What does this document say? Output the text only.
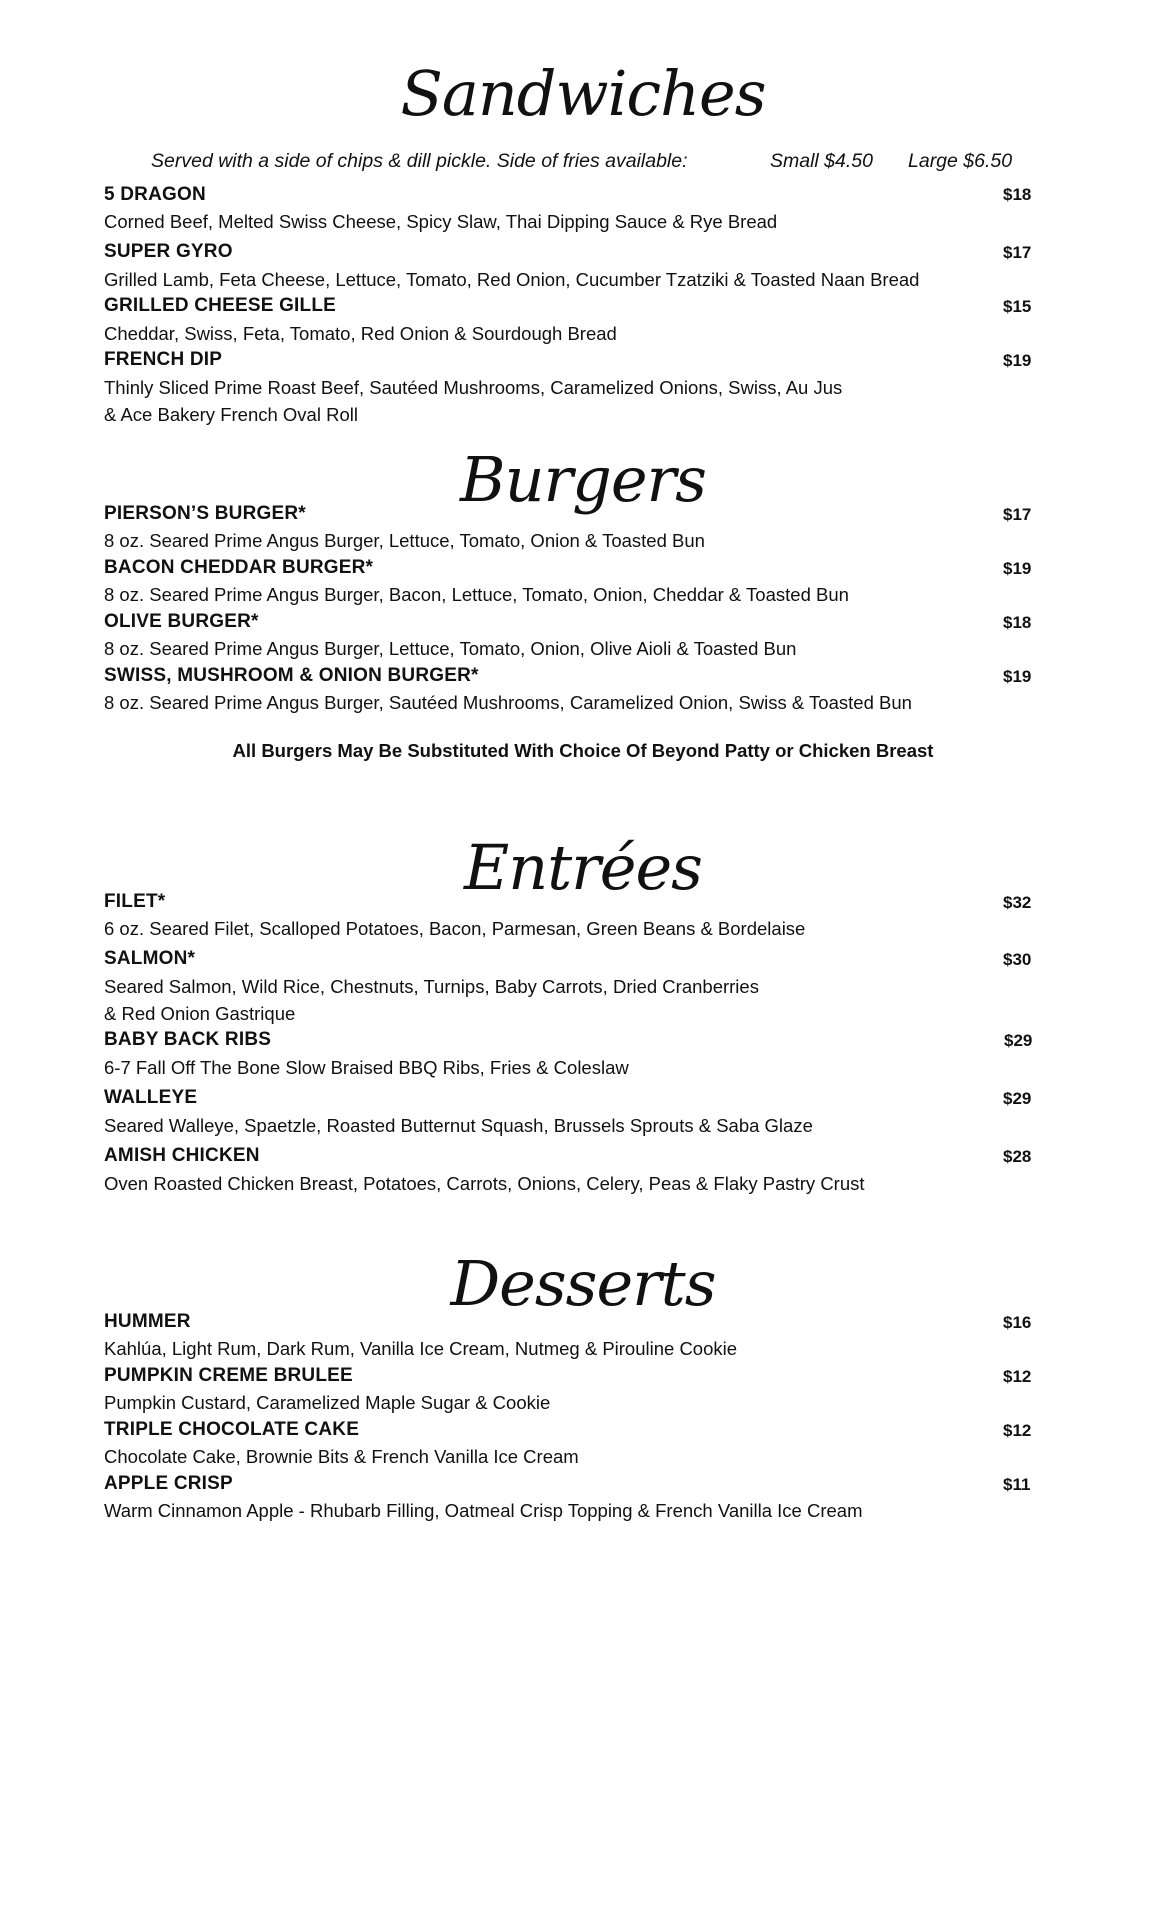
Sandwiches
Served with a side of chips & dill pickle. Side of fries available:	Small $4.50 Large $6.50
5 DRAGON	$18
Corned Beef, Melted Swiss Cheese, Spicy Slaw, Thai Dipping Sauce & Rye Bread
SUPER GYRO	$17
Grilled Lamb, Feta Cheese, Lettuce, Tomato, Red Onion, Cucumber Tzatziki & Toasted Naan Bread
GRILLED CHEESE GILLE	$15
Cheddar, Swiss, Feta, Tomato, Red Onion & Sourdough Bread
FRENCH DIP	$19
Thinly Sliced Prime Roast Beef, Sautéed Mushrooms, Caramelized Onions, Swiss, Au Jus
& Ace Bakery French Oval Roll
Burgers
PIERSON’S BURGER*	$17
8 oz. Seared Prime Angus Burger, Lettuce, Tomato, Onion & Toasted Bun
BACON CHEDDAR BURGER*	$19
8 oz. Seared Prime Angus Burger, Bacon, Lettuce, Tomato, Onion, Cheddar & Toasted Bun
OLIVE BURGER*	$18
8 oz. Seared Prime Angus Burger, Lettuce, Tomato, Onion, Olive Aioli & Toasted Bun
SWISS, MUSHROOM & ONION BURGER*	$19
8 oz. Seared Prime Angus Burger, Sautéed Mushrooms, Caramelized Onion, Swiss & Toasted Bun
All Burgers May Be Substituted With Choice Of Beyond Patty or Chicken Breast
Entrées
FILET*	$32
6 oz. Seared Filet, Scalloped Potatoes, Bacon, Parmesan, Green Beans & Bordelaise
SALMON*	$30
Seared Salmon, Wild Rice, Chestnuts, Turnips, Baby Carrots, Dried Cranberries
& Red Onion Gastrique
BABY BACK RIBS	$29
6-7 Fall Off The Bone Slow Braised BBQ Ribs, Fries & Coleslaw
WALLEYE	$29
Seared Walleye, Spaetzle, Roasted Butternut Squash, Brussels Sprouts & Saba Glaze
AMISH CHICKEN	$28
Oven Roasted Chicken Breast, Potatoes, Carrots, Onions, Celery, Peas & Flaky Pastry Crust
Desserts
HUMMER	$16
Kahlúa, Light Rum, Dark Rum, Vanilla Ice Cream, Nutmeg & Pirouline Cookie
PUMPKIN CREME BRULEE	$12
Pumpkin Custard, Caramelized Maple Sugar & Cookie
TRIPLE CHOCOLATE CAKE	$12
Chocolate Cake, Brownie Bits & French Vanilla Ice Cream
APPLE CRISP	$11
Warm Cinnamon Apple - Rhubarb Filling, Oatmeal Crisp Topping & French Vanilla Ice Cream
